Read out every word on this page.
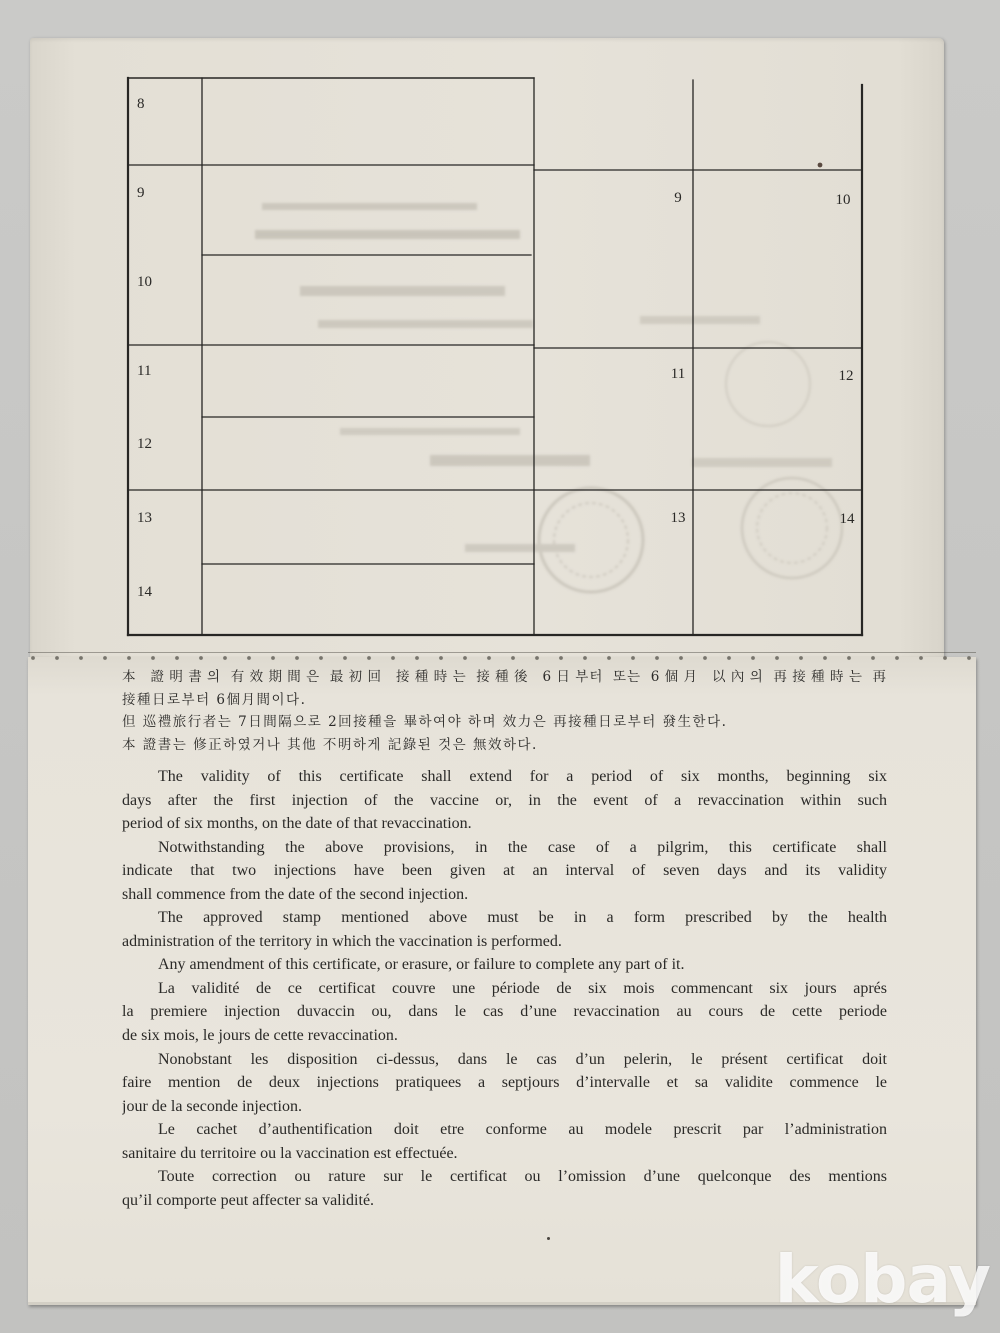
8
9
10
11
12
13
14
9	10
11	12
13	14
本 證明書의 有效期間은 最初回 接種時는 接種後 6日부터 또는 6個月 以內의 再接種時는 再
接種日로부터 6個月間이다.
但 巡禮旅行者는 7日間隔으로 2回接種을 畢하여야 하며 效力은 再接種日로부터 發生한다.
本 證書는 修正하였거나 其他 不明하게 記錄된 것은 無效하다.
The validity of this certificate shall extend for a period of six months, beginning six
days after the first injection of the vaccine or, in the event of a revaccination within such
period of six months, on the date of that revaccination.
Notwithstanding the above provisions, in the case of a pilgrim, this certificate shall
indicate that two injections have been given at an interval of seven days and its validity
shall commence from the date of the second injection.
The approved stamp mentioned above must be in a form prescribed by the health
administration of the territory in which the vaccination is performed.
Any amendment of this certificate, or erasure, or failure to complete any part of it.
La validité de ce certificat couvre une période de six mois commencant six jours aprés
la premiere injection duvaccin ou, dans le cas d’une revaccination au cours de cette periode
de six mois, le jours de cette revaccination.
Nonobstant les disposition ci-dessus, dans le cas d’un pelerin, le présent certificat doit
faire mention de deux injections pratiquees a septjours d’intervalle et sa validite commence le
jour de la seconde injection.
Le cachet d’authentification doit etre conforme au modele prescrit par l’administration
sanitaire du territoire ou la vaccination est effectuée.
Toute correction ou rature sur le certificat ou l’omission d’une quelconque des mentions
qu’il comporte peut affecter sa validité.
kobay
